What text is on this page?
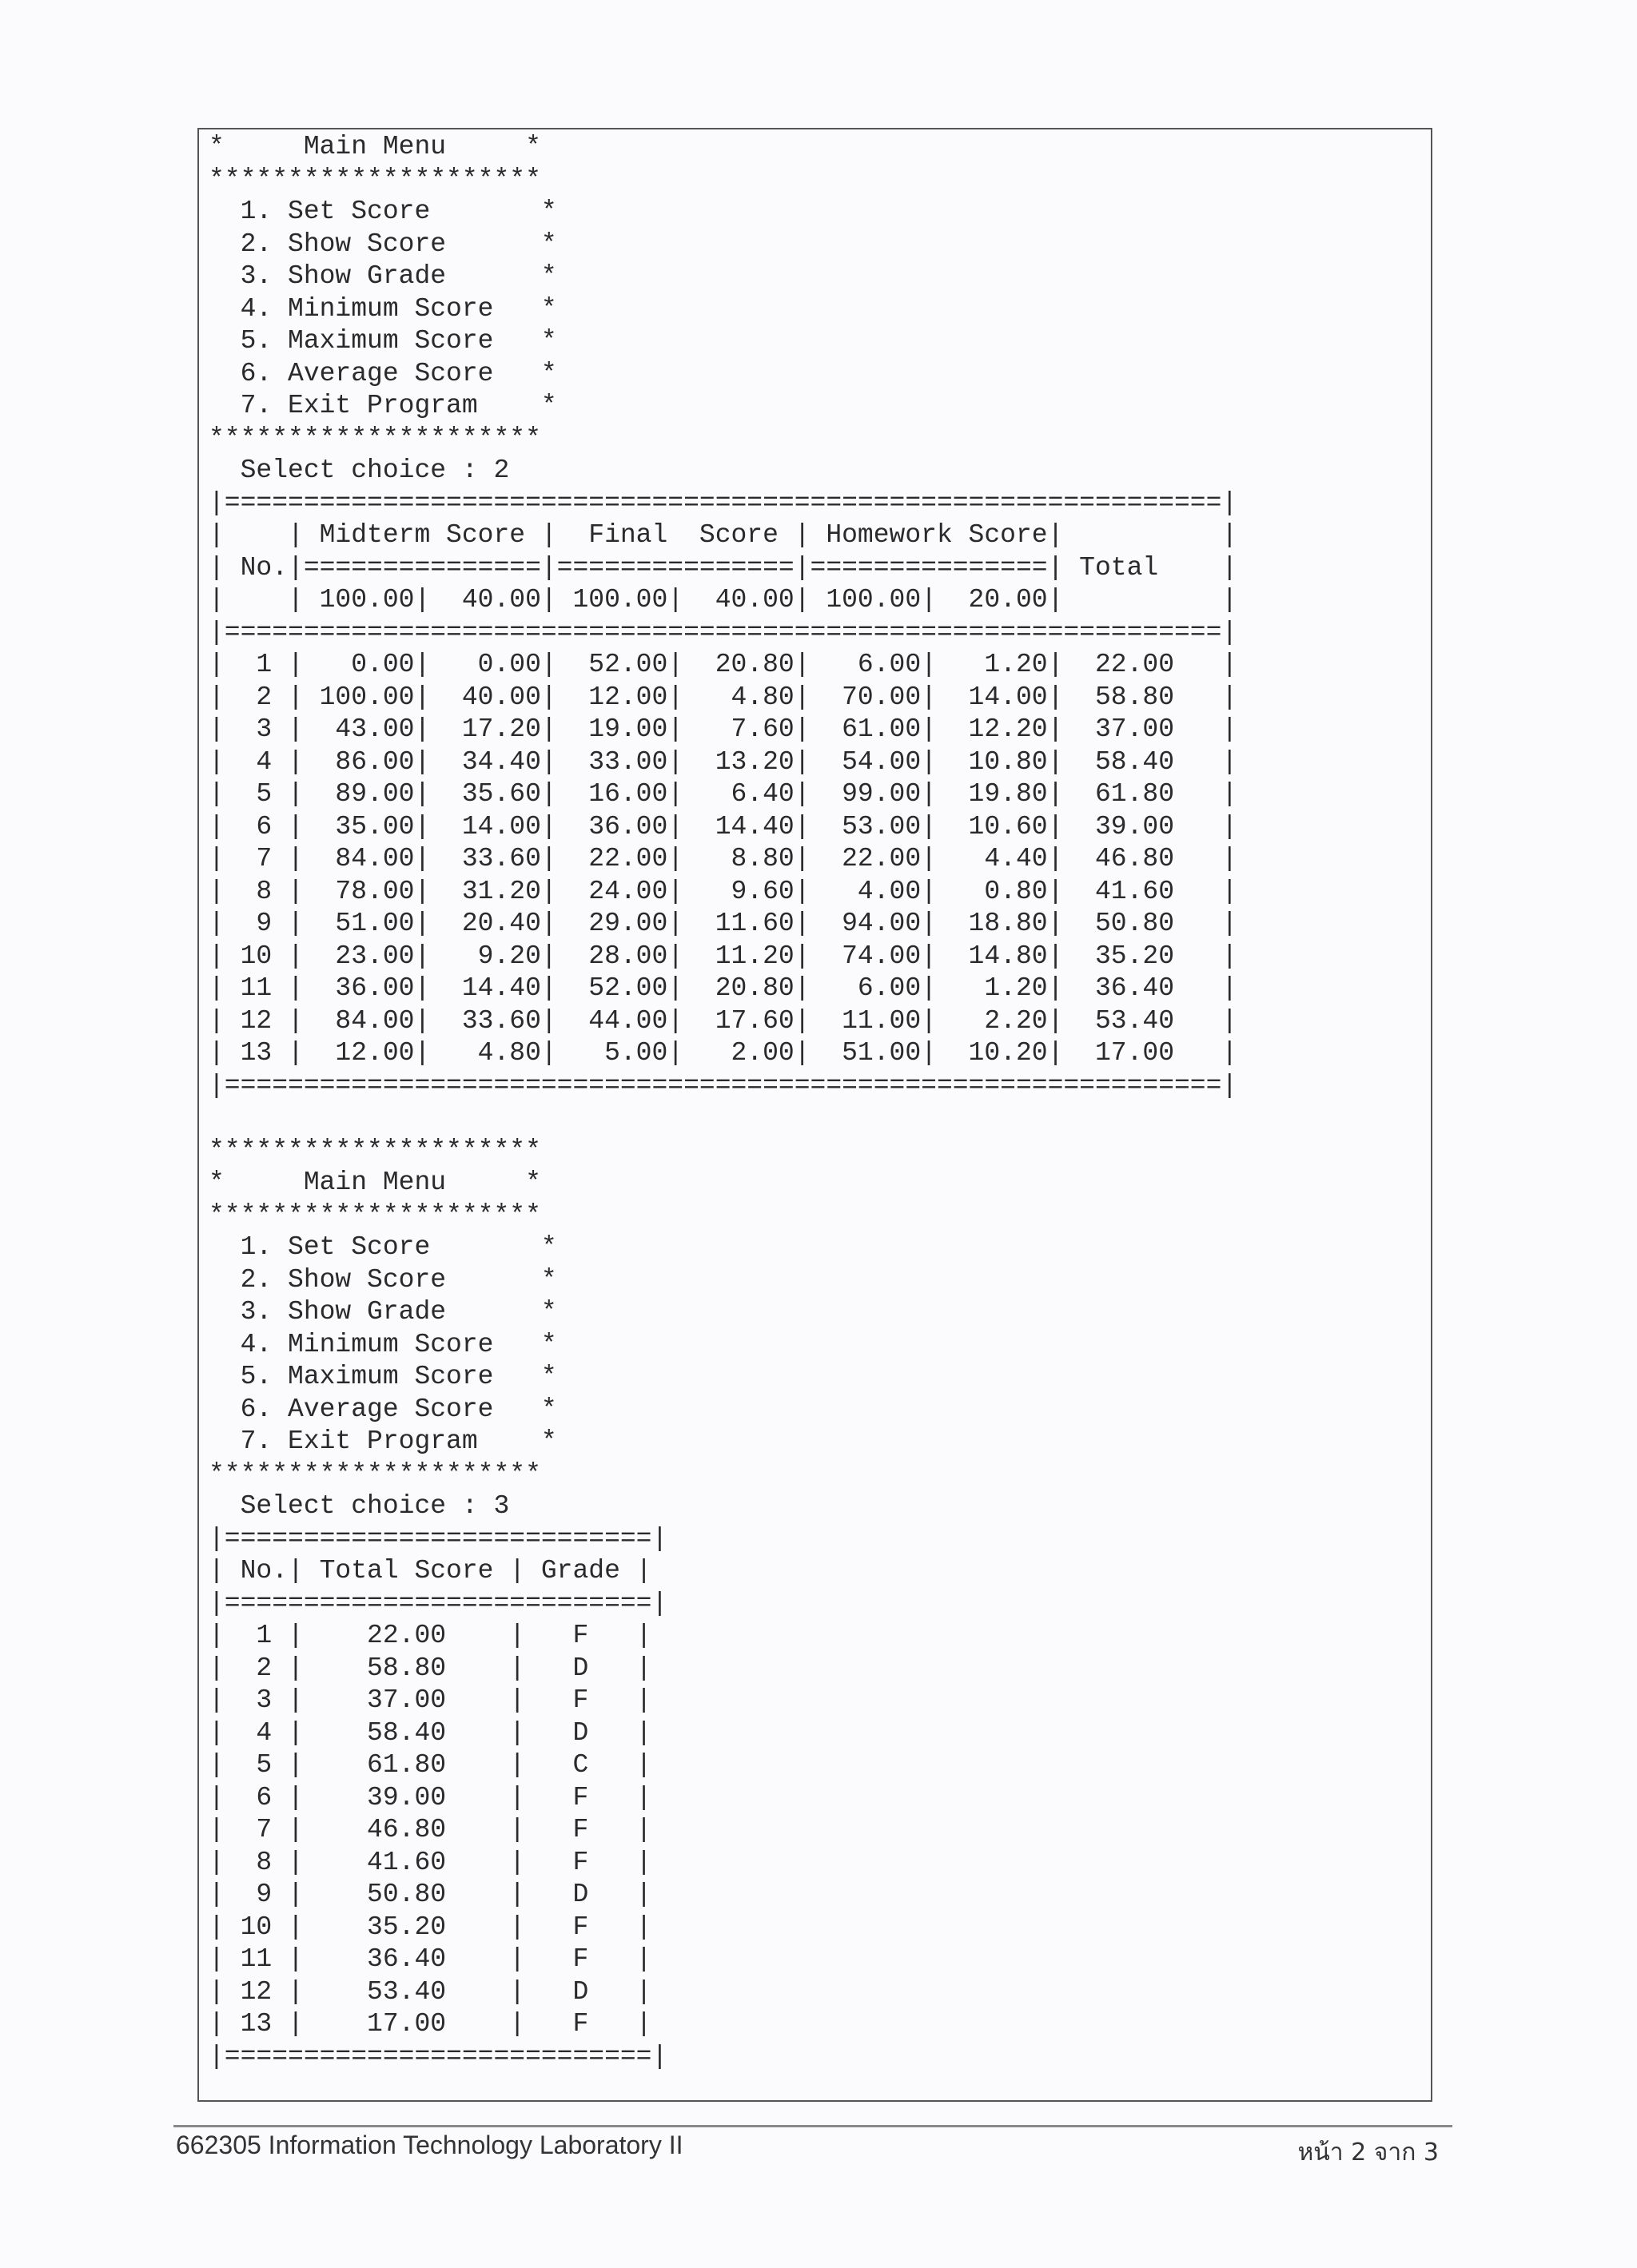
*     Main Menu     *
*********************
1. Set Score       *
2. Show Score      *
3. Show Grade      *
4. Minimum Score   *
5. Maximum Score   *
6. Average Score   *
7. Exit Program    *
*********************
Select choice : 2
|===============================================================|
|    | Midterm Score |  Final  Score | Homework Score|          |
| No.|===============|===============|===============| Total    |
|    | 100.00|  40.00| 100.00|  40.00| 100.00|  20.00|          |
|===============================================================|
|  1 |   0.00|   0.00|  52.00|  20.80|   6.00|   1.20|  22.00   |
|  2 | 100.00|  40.00|  12.00|   4.80|  70.00|  14.00|  58.80   |
|  3 |  43.00|  17.20|  19.00|   7.60|  61.00|  12.20|  37.00   |
|  4 |  86.00|  34.40|  33.00|  13.20|  54.00|  10.80|  58.40   |
|  5 |  89.00|  35.60|  16.00|   6.40|  99.00|  19.80|  61.80   |
|  6 |  35.00|  14.00|  36.00|  14.40|  53.00|  10.60|  39.00   |
|  7 |  84.00|  33.60|  22.00|   8.80|  22.00|   4.40|  46.80   |
|  8 |  78.00|  31.20|  24.00|   9.60|   4.00|   0.80|  41.60   |
|  9 |  51.00|  20.40|  29.00|  11.60|  94.00|  18.80|  50.80   |
| 10 |  23.00|   9.20|  28.00|  11.20|  74.00|  14.80|  35.20   |
| 11 |  36.00|  14.40|  52.00|  20.80|   6.00|   1.20|  36.40   |
| 12 |  84.00|  33.60|  44.00|  17.60|  11.00|   2.20|  53.40   |
| 13 |  12.00|   4.80|   5.00|   2.00|  51.00|  10.20|  17.00   |
|===============================================================|

*********************
*     Main Menu     *
*********************
1. Set Score       *
2. Show Score      *
3. Show Grade      *
4. Minimum Score   *
5. Maximum Score   *
6. Average Score   *
7. Exit Program    *
*********************
Select choice : 3
|===========================|
| No.| Total Score | Grade |
|===========================|
|  1 |    22.00    |   F   |
|  2 |    58.80    |   D   |
|  3 |    37.00    |   F   |
|  4 |    58.40    |   D   |
|  5 |    61.80    |   C   |
|  6 |    39.00    |   F   |
|  7 |    46.80    |   F   |
|  8 |    41.60    |   F   |
|  9 |    50.80    |   D   |
| 10 |    35.20    |   F   |
| 11 |    36.40    |   F   |
| 12 |    53.40    |   D   |
| 13 |    17.00    |   F   |
|===========================|
662305 Information Technology Laboratory II	หน้า 2 จาก 3
